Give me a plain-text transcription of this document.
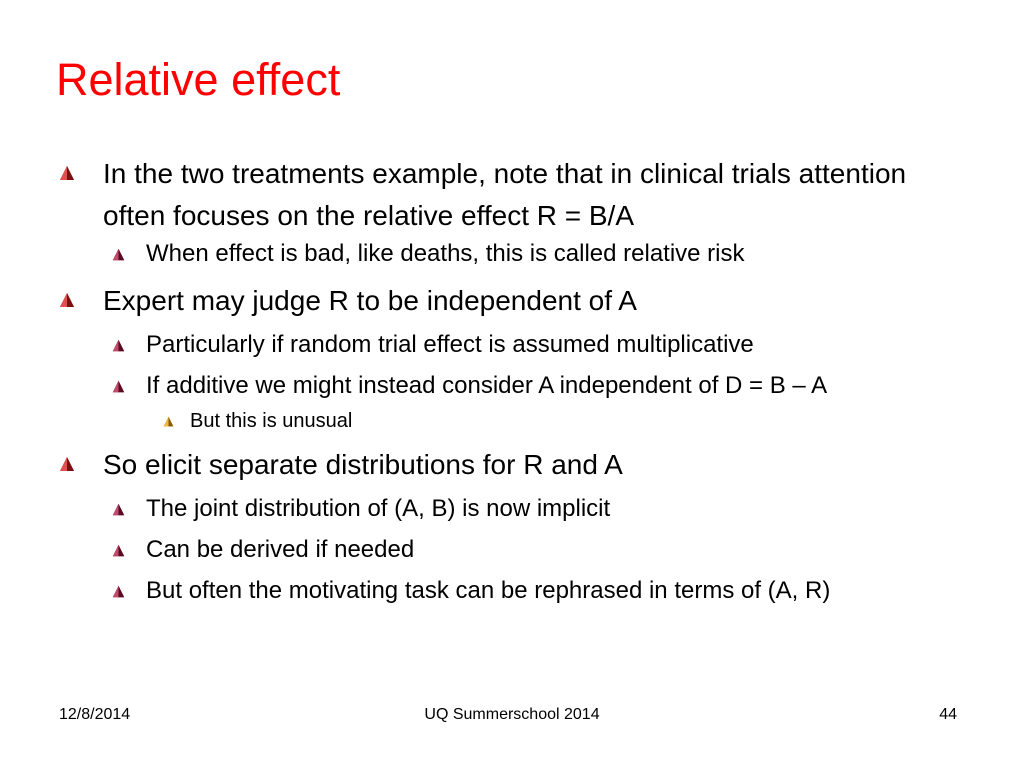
Relative effect
In the two treatments example, note that in clinical trials attention often focuses on the relative effect R = B/A
When effect is bad, like deaths, this is called relative risk
Expert may judge R to be independent of A
Particularly if random trial effect is assumed multiplicative
If additive we might instead consider A independent of D = B – A
But this is unusual
So elicit separate distributions for R and A
The joint distribution of (A, B) is now implicit
Can be derived if needed
But often the motivating task can be rephrased in terms of (A, R)
12/8/2014	UQ Summerschool 2014	44
